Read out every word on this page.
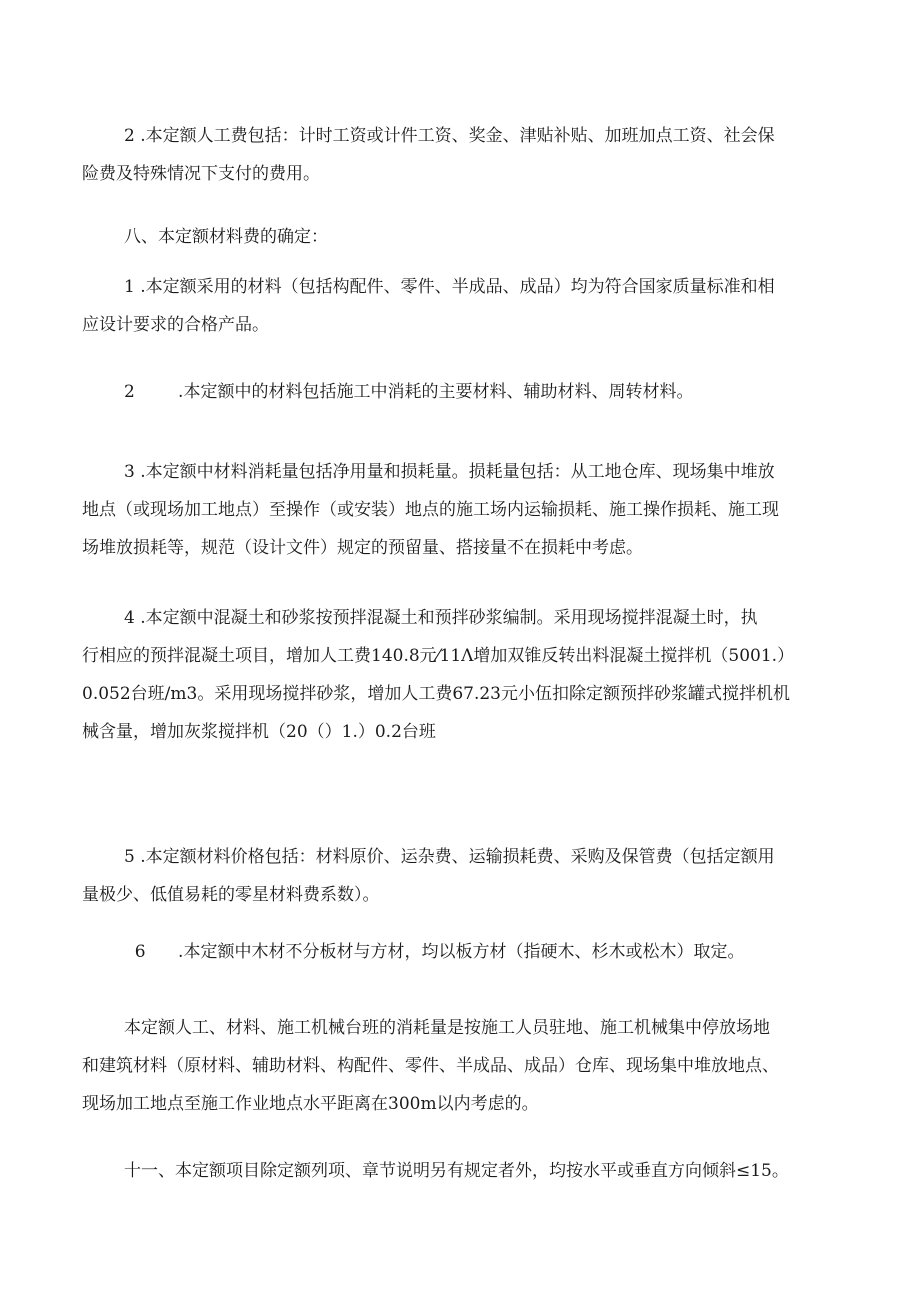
2 .本定额人工费包括：计时工资或计件工资、奖金、津贴补贴、加班加点工资、社会保
险费及特殊情况下支付的费用。

八、本定额材料费的确定：

1 .本定额采用的材料（包括构配件、零件、半成品、成品）均为符合国家质量标准和相
应设计要求的合格产品。

2        .本定额中的材料包括施工中消耗的主要材料、辅助材料、周转材料。

3 .本定额中材料消耗量包括净用量和损耗量。损耗量包括：从工地仓库、现场集中堆放
地点（或现场加工地点）至操作（或安装）地点的施工场内运输损耗、施工操作损耗、施工现
场堆放损耗等，规范（设计文件）规定的预留量、搭接量不在损耗中考虑。

4 .本定额中混凝土和砂浆按预拌混凝土和预拌砂浆编制。采用现场搅拌混凝土时，执
行相应的预拌混凝土项目，增加人工费140.8元⁄11Λ增加双锥反转出料混凝土搅拌机（5001.）
0.052台班/m3。采用现场搅拌砂浆，增加人工费67.23元小伍扣除定额预拌砂浆罐式搅拌机机
械含量，增加灰浆搅拌机（20（）1.）0.2台班

5 .本定额材料价格包括：材料原价、运杂费、运输损耗费、采购及保管费（包括定额用
量极少、低值易耗的零星材料费系数）。

6      .本定额中木材不分板材与方材，均以板方材（指硬木、杉木或松木）取定。

本定额人工、材料、施工机械台班的消耗量是按施工人员驻地、施工机械集中停放场地
和建筑材料（原材料、辅助材料、构配件、零件、半成品、成品）仓库、现场集中堆放地点、
现场加工地点至施工作业地点水平距离在300m以内考虑的。

十一、本定额项目除定额列项、章节说明另有规定者外，均按水平或垂直方向倾斜≤15。
